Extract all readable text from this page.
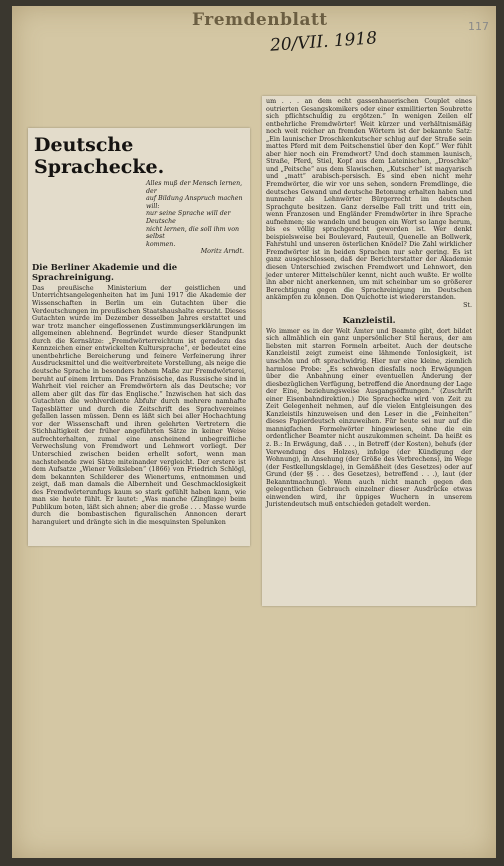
Fremdenblatt
20/VII. 1918
117
Deutsche Sprachecke.
Alles muß der Mensch lernen, der
auf Bildung Anspruch machen will:
nur seine Sprache will der Deutsche
nicht lernen, die soll ihm von selbst
kommen.
Moritz Arndt.
Die Berliner Akademie und die Sprachreinigung.

Das preußische Ministerium der geistlichen und Unterrichtsangelegenheiten hat im Juni 1917 die Akademie der Wissenschaften in Berlin um ein Gutachten über die Verdeutschungen im preußischen Staatshaushalte ersucht. Dieses Gutachten wurde im Dezember desselben Jahres erstattet und war trotz mancher eingeflossenen Zustimmungserklärungen im allgemeinen ablehnend. Begründet wurde dieser Standpunkt durch die Kernsätze: „Fremdwörterreichtum ist geradezu das Kennzeichen einer entwickelten Kultursprache“, er bedeutet eine unentbehrliche Bereicherung und feinere Verfeinerung ihrer Ausdrucksmittel und die weitverbreitete Vorstellung, als neige die deutsche Sprache in besonders hohem Maße zur Fremdwörterei, beruht auf einem Irrtum. Das Französische, das Russische sind in Wahrheit viel reicher an Fremdwörtern als das Deutsche; vor allem aber gilt das für das Englische.“ Inzwischen hat sich das Gutachten die wohlverdiente Abfuhr durch mehrere namhafte Tagesblätter und durch die Zeitschrift des Sprachvereines gefallen lassen müssen. Denn es läßt sich bei aller Hochachtung vor der Wissenschaft und ihren gelehrten Vertretern die Stichhaltigkeit der früher angeführten Sätze in keiner Weise aufrechterhalten, zumal eine anscheinend unbegreifliche Verwechslung von Fremdwort und Lehnwort vorliegt. Der Unterschied zwischen beiden erhellt sofort, wenn man nachstehende zwei Sätze miteinander vergleicht. Der erstere ist dem Aufsatze „Wiener Volksleben“ (1866) von Friedrich Schlögl, dem bekannten Schilderer des Wienertums, entnommen und zeigt, daß man damals die Albernheit und Geschmacklosigkeit des Fremdwörterunfugs kaum so stark gefühlt haben kann, wie man sie heute fühlt. Er lautet: „Was manche (Zinglinge) beim Publikum boten, läßt sich ahnen; aber die große . . . Masse wurde durch die bombastischen figuralischen Annoncen derart haranguiert und drängte sich in die mesquinsten Spelunken

um . . . an dem echt gassenhauerischen Couplet eines outrierten Gesangskomikers oder einer exmilitierten Soubrette sich pflichtschuldig zu ergötzen.“ In wenigen Zeilen elf entbehrliche Fremdwörter! Weit kürzer und verhältnismäßig noch weit reicher an fremden Wörtern ist der bekannte Satz: „Ein launischer Droschkenkutscher schlug auf der Straße sein mattes Pferd mit dem Peitschenstiel über den Kopf.“ Wer fühlt aber hier noch ein Fremdwort? Und doch stammen launisch, Straße, Pferd, Stiel, Kopf aus dem Lateinischen, „Droschke“ und „Peitsche“ aus dem Slawischen, „Kutscher“ ist magyarisch und „matt“ arabisch-persisch. Es sind eben nicht mehr Fremdwörter, die wir vor uns sehen, sondern Fremdlinge, die deutsches Gewand und deutsche Betonung erhalten haben und nunmehr als Lehnwörter Bürgerrecht im deutschen Sprachgute besitzen. Ganz derselbe Fall tritt und tritt ein, wenn Franzosen und Engländer Fremdwörter in ihre Sprache aufnehmen; sie wandeln und beugen ein Wort so lange herum, bis es völlig sprachgerecht geworden ist. Wer denkt beispielsweise bei Boulevard, Fauteuil, Quenelle an Bollwerk, Fahrstuhl und unseren österlichen Knödel? Die Zahl wirklicher Fremdwörter ist in beiden Sprachen nur sehr gering. Es ist ganz ausgeschlossen, daß der Berichterstatter der Akademie diesen Unterschied zwischen Fremdwort und Lehnwort, den jeder unterer Mittelschüler kennt, nicht auch wußte. Er wollte ihn aber nicht anerkennen, um mit scheinbar um so größerer Berechtigung gegen die Sprachreinigung im Deutschen ankämpfen zu können. Don Quichotte ist wiedererstanden.

St.
Kanzleistil.

Wo immer es in der Welt Ämter und Beamte gibt, dort bildet sich allmählich ein ganz unpersönlicher Stil heraus, der am liebsten mit starren Formeln arbeitet. Auch der deutsche Kanzleistil zeigt zumeist eine lähmende Tonlosigkeit, ist unschön und oft sprachwidrig. Hier nur eine kleine, ziemlich harmlose Probe: „Es schweben diesfalls noch Erwägungen über die Anbahnung einer eventuellen Änderung der diesbezüglichen Verfügung, betreffend die Anordnung der Lage der Eine, beziehungsweise Ausgangsöffnungen.“ (Zuschrift einer Eisenbahndirektion.) Die Sprachecke wird von Zeit zu Zeit Gelegenheit nehmen, auf die vielen Entgleisungen des Kanzleistils hinzuweisen und den Leser in die „Feinheiten“ dieses Papierdeutsch einzuweihen. Für heute sei nur auf die mannigfachen Formelwörter hingewiesen, ohne die ein ordentlicher Beamter nicht auszukommen scheint. Da heißt es z. B.: In Erwägung, daß . . ., in Betreff (der Kosten), behufs (der Verwendung des Holzes), infolge (der Kündigung der Wohnung), in Ansehung (der Größe des Verbrechens), im Wege (der Festkellungsklage), in Gemäßheit (des Gesetzes) oder auf Grund (der §§ . . . des Gesetzes), betreffend . . .), laut (der Bekanntmachung). Wenn auch nicht manch gegen den gelegentlichen Gebrauch einzelner dieser Ausdrücke etwas einwenden wird, ihr üppiges Wuchern in unserem Juristendeutsch muß entschieden getadelt werden.
